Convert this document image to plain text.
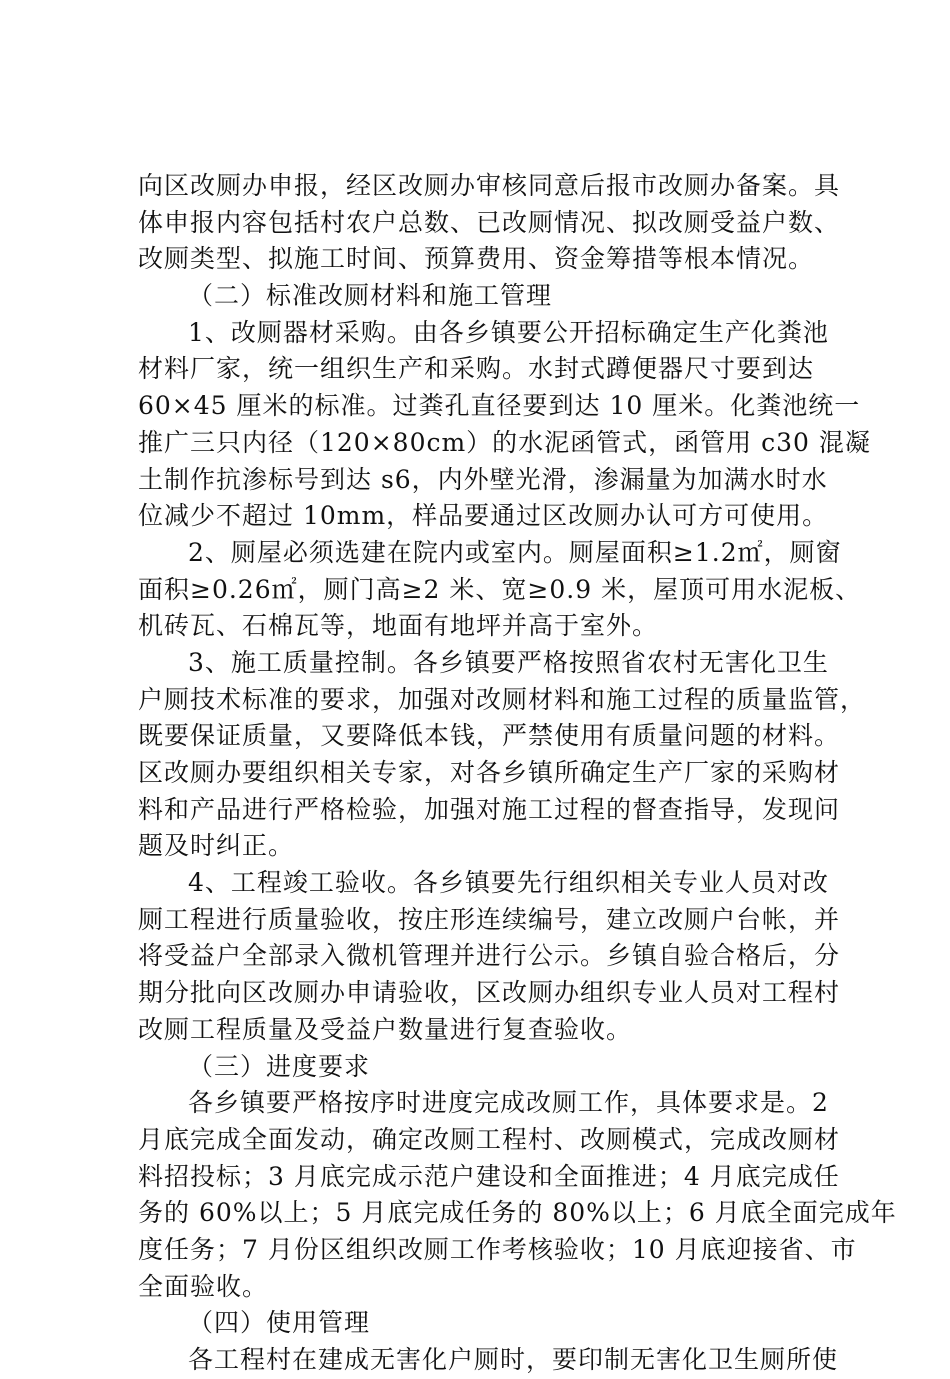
向区改厕办申报，经区改厕办审核同意后报市改厕办备案。具
体申报内容包括村农户总数、已改厕情况、拟改厕受益户数、
改厕类型、拟施工时间、预算费用、资金筹措等根本情况。
（二）标准改厕材料和施工管理
1、改厕器材采购。由各乡镇要公开招标确定生产化粪池
材料厂家，统一组织生产和采购。水封式蹲便器尺寸要到达
60×45 厘米的标准。过粪孔直径要到达 10 厘米。化粪池统一
推广三只内径（120×80cm）的水泥函管式，函管用 c30 混凝
土制作抗渗标号到达 s6，内外壁光滑，渗漏量为加满水时水
位减少不超过 10mm，样品要通过区改厕办认可方可使用。
2、厕屋必须选建在院内或室内。厕屋面积≥1.2㎡，厕窗
面积≥0.26㎡，厕门高≥2 米、宽≥0.9 米，屋顶可用水泥板、
机砖瓦、石棉瓦等，地面有地坪并高于室外。
3、施工质量控制。各乡镇要严格按照省农村无害化卫生
户厕技术标准的要求，加强对改厕材料和施工过程的质量监管，
既要保证质量，又要降低本钱，严禁使用有质量问题的材料。
区改厕办要组织相关专家，对各乡镇所确定生产厂家的采购材
料和产品进行严格检验，加强对施工过程的督查指导，发现问
题及时纠正。
4、工程竣工验收。各乡镇要先行组织相关专业人员对改
厕工程进行质量验收，按庄形连续编号，建立改厕户台帐，并
将受益户全部录入微机管理并进行公示。乡镇自验合格后，分
期分批向区改厕办申请验收，区改厕办组织专业人员对工程村
改厕工程质量及受益户数量进行复查验收。
（三）进度要求
各乡镇要严格按序时进度完成改厕工作，具体要求是。2
月底完成全面发动，确定改厕工程村、改厕模式，完成改厕材
料招投标；3 月底完成示范户建设和全面推进；4 月底完成任
务的 60%以上；5 月底完成任务的 80%以上；6 月底全面完成年
度任务；7 月份区组织改厕工作考核验收；10 月底迎接省、市
全面验收。
（四）使用管理
各工程村在建成无害化户厕时，要印制无害化卫生厕所使
